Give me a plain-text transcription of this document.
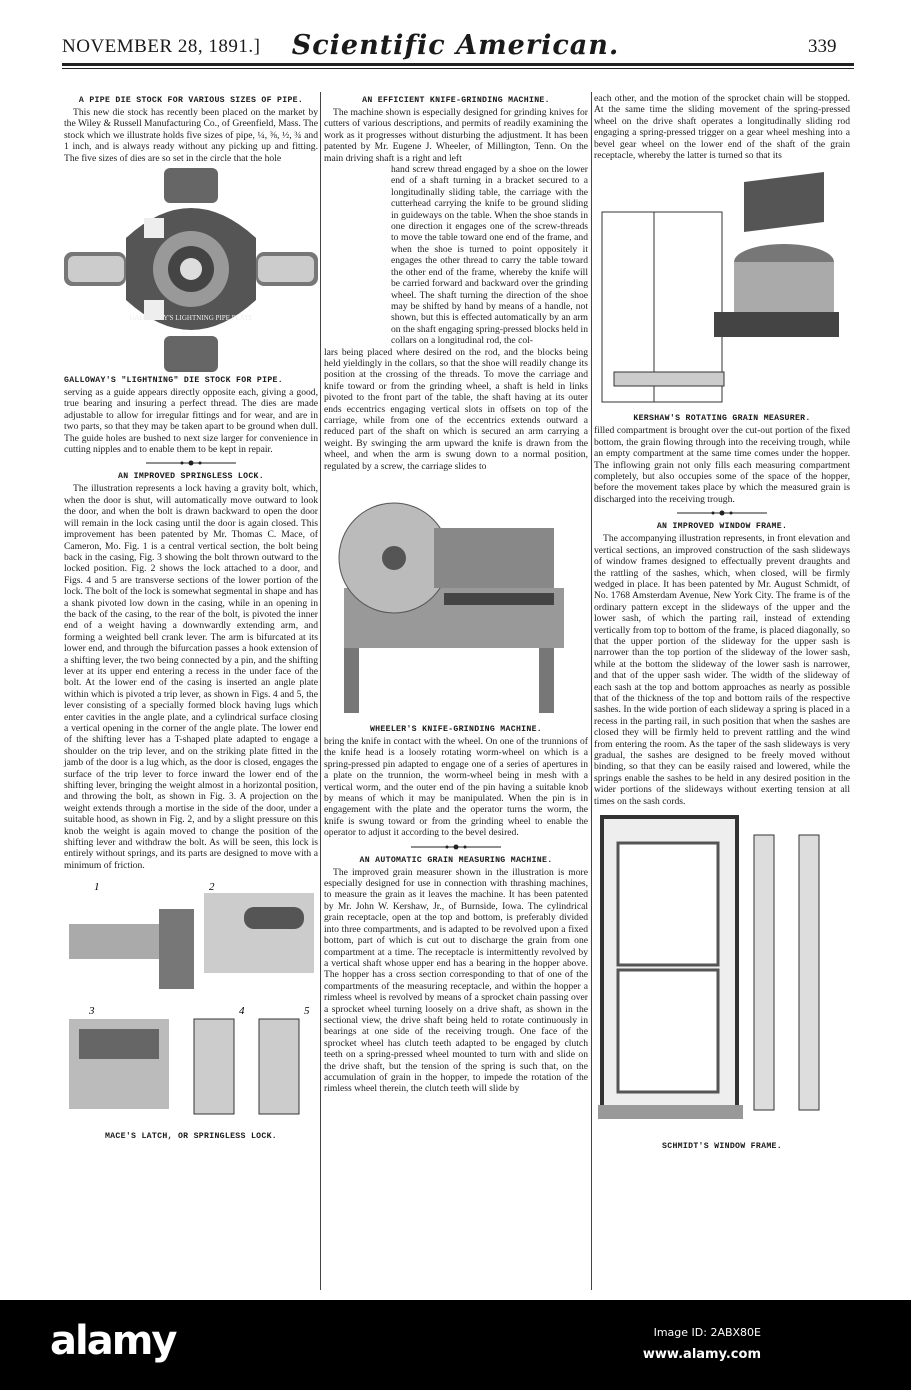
NOVEMBER 28, 1891.]	Scientific American.	339
A PIPE DIE STOCK FOR VARIOUS SIZES OF PIPE.

This new die stock has recently been placed on the market by the Wiley & Russell Manufacturing Co., of Greenfield, Mass. The stock which we illustrate holds five sizes of pipe, ¼, ⅜, ½, ¾ and 1 inch, and is always ready without any picking up and fitting. The five sizes of dies are so set in the circle that the hole

GALLOWAY'S LIGHTNING PIPE PLATE
GALLOWAY'S "LIGHTNING" DIE STOCK FOR PIPE.

serving as a guide appears directly opposite each, giving a good, true bearing and insuring a perfect thread. The dies are made adjustable to allow for irregular fittings and for wear, and are in two parts, so that they may be taken apart to be ground when dull. The guide holes are bushed to next size larger for convenience in cutting nipples and to enable them to be kept in repair.

AN IMPROVED SPRINGLESS LOCK.

The illustration represents a lock having a gravity bolt, which, when the door is shut, will automatically move outward to look the door, and when the bolt is drawn backward to open the door will remain in the lock casing until the door is again closed. This improvement has been patented by Mr. Thomas C. Mace, of Cameron, Mo. Fig. 1 is a central vertical section, the bolt being back in the casing, Fig. 3 showing the bolt thrown outward to the locked position. Fig. 2 shows the lock attached to a door, and Figs. 4 and 5 are transverse sections of the lower portion of the lock. The bolt of the lock is somewhat segmental in shape and has a shank pivoted low down in the casing, while in an opening in the back of the casing, to the rear of the bolt, is pivoted the inner end of a weight having a downwardly extending arm, and forming a weighted bell crank lever. The arm is bifurcated at its lower end, and through the bifurcation passes a hook extension of a shifting lever, the two being connected by a pin, and the shifting lever at its upper end entering a recess in the under face of the bolt. At the lower end of the casing is inserted an angle plate within which is pivoted a trip lever, as shown in Figs. 4 and 5, the lever consisting of a specially formed block having lugs which enter cavities in the angle plate, and a cylindrical surface closing a vertical opening in the corner of the angle plate. The lower end of the shifting lever has a T-shaped plate adapted to engage a shoulder on the trip lever, and on the striking plate fitted in the jamb of the door is a lug which, as the door is closed, engages the surface of the trip lever to force inward the lower end of the shifting lever, bringing the weight almost in a horizontal position, and throwing the bolt, as shown in Fig. 3. A projection on the weight extends through a mortise in the side of the door, under a suitable hood, as shown in Fig. 2, and by a slight pressure on this knob the weight is again moved to change the position of the shifting lever and withdraw the bolt. As will be seen, this lock is entirely without springs, and its parts are designed to move with a minimum of friction.

1	2
3	4	5
MACE'S LATCH, OR SPRINGLESS LOCK.
AN EFFICIENT KNIFE-GRINDING MACHINE.

The machine shown is especially designed for grinding knives for cutters of various descriptions, and permits of readily examining the work as it progresses without disturbing the adjustment. It has been patented by Mr. Eugene J. Wheeler, of Millington, Tenn. On the main driving shaft is a right and left

hand screw thread engaged by a shoe on the lower end of a shaft turning in a bracket secured to a longitudinally sliding table, the carriage with the cutterhead carrying the knife to be ground sliding in guideways on the table. When the shoe stands in one direction it engages one of the screw-threads to move the table toward one end of the frame, and when the shoe is turned to point oppositely it engages the other thread to carry the table toward the other end of the frame, whereby the knife will be carried forward and backward over the grinding wheel. The shaft turning the direction of the shoe may be shifted by hand by means of a handle, not shown, but this is effected automatically by an arm on the shaft engaging spring-pressed blocks held in collars on a longitudinal rod, the col-

lars being placed where desired on the rod, and the blocks being held yieldingly in the collars, so that the shoe will readily change its position at the crossing of the threads. To move the carriage and knife toward or from the grinding wheel, a shaft is held in links pivoted to the front part of the table, the shaft having at its outer ends eccentrics engaging vertical slots in offsets on top of the carriage, while from one of the eccentrics extends outward a reduced part of the shaft on which is secured an arm carrying a weight. By swinging the arm upward the knife is drawn from the wheel, and when the arm is swung down to a normal position, regulated by a screw, the carriage slides to

WHEELER'S KNIFE-GRINDING MACHINE.

bring the knife in contact with the wheel. On one of the trunnions of the knife head is a loosely rotating worm-wheel on which is a spring-pressed pin adapted to engage one of a series of apertures in a plate on the trunnion, the worm-wheel being in mesh with a vertical worm, and the outer end of the pin having a suitable knob by means of which it may be manipulated. When the pin is in engagement with the plate and the operator turns the worm, the knife is swung toward or from the grinding wheel to enable the operator to adjust it according to the bevel desired.

AN AUTOMATIC GRAIN MEASURING MACHINE.

The improved grain measurer shown in the illustration is more especially designed for use in connection with thrashing machines, to measure the grain as it leaves the machine. It has been patented by Mr. John W. Kershaw, Jr., of Burnside, Iowa. The cylindrical grain receptacle, open at the top and bottom, is preferably divided into three compartments, and is adapted to be revolved upon a fixed bottom, part of which is cut out to discharge the grain from one compartment at a time. The receptacle is intermittently revolved by a vertical shaft whose upper end has a bearing in the hopper above. The hopper has a cross section corresponding to that of one of the compartments of the measuring receptacle, and within the hopper a rimless wheel is revolved by means of a sprocket chain passing over a sprocket wheel turning loosely on a drive shaft, as shown in the sectional view, the drive shaft being held to rotate continuously in bearings at one side of the receiving trough. One face of the sprocket wheel has clutch teeth adapted to be engaged by clutch teeth on a spring-pressed wheel mounted to turn with and slide on the drive shaft, but the tension of the spring is such that, on the accumulation of grain in the hopper, to impede the rotation of the rimless wheel therein, the clutch teeth will slide by

each other, and the motion of the sprocket chain will be stopped. At the same time the sliding movement of the spring-pressed wheel on the drive shaft operates a longitudinally sliding rod engaging a spring-pressed trigger on a gear wheel meshing into a bevel gear wheel on the lower end of the shaft of the grain receptacle, whereby the latter is turned so that its

KERSHAW'S ROTATING GRAIN MEASURER.

filled compartment is brought over the cut-out portion of the fixed bottom, the grain flowing through into the receiving trough, while an empty compartment at the same time comes under the hopper. The inflowing grain not only fills each measuring compartment completely, but also occupies some of the space of the hopper, before the movement takes place by which the measured grain is discharged into the receiving trough.

AN IMPROVED WINDOW FRAME.

The accompanying illustration represents, in front elevation and vertical sections, an improved construction of the sash slideways of window frames designed to effectually prevent draughts and the rattling of the sashes, which, when closed, will be firmly wedged in place. It has been patented by Mr. August Schmidt, of No. 1768 Amsterdam Avenue, New York City. The frame is of the ordinary pattern except in the slideways of the upper and the lower sash, of which the parting rail, instead of extending vertically from top to bottom of the frame, is placed diagonally, so that the upper portion of the slideway for the upper sash is narrower than the top portion of the slideway of the lower sash, while at the bottom the slideway of the lower sash is narrower, and that of the upper sash wider. The width of the slideway of each sash at the top and bottom approaches as nearly as possible that of the thickness of the top and bottom rails of the respective sashes. In the wide portion of each slideway a spring is placed in a recess in the parting rail, in such position that when the sashes are closed they will be firmly held to prevent rattling and the wind from entering the room. As the taper of the sash slideways is very gradual, the sashes are designed to be freely moved without binding, so that they can be easily raised and lowered, while the springs enable the sashes to be held in any desired position in the wider portions of the slideways without exerting tension at all times on the sash cords.

SCHMIDT'S WINDOW FRAME.
alamy	Image ID: 2ABX80E
www.alamy.com
